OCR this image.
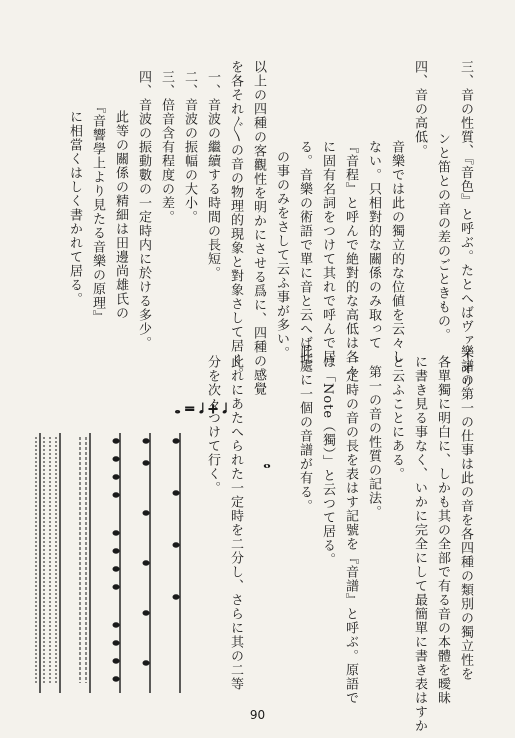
三、音の性質、『音色』と呼ぶ。たとへばヴァイオリ

ンと笛との音の差のごときもの。

四、音の高低。

音樂では此の獨立的な位値を云々し

ない。只相對的な關係のみ取って

『音程』と呼んで絶對的な高低は各々

に固有名詞をつけて其れで呼んで居

る。音樂の術語で單に音と云へば此

の事のみをさして云ふ事が多い。

以上の四種の客觀性を明かにさせる爲に、四種の感覺

を各それ〴〵の音の物理的現象と對象さして居く。

一、音波の繼續する時間の長短。

二、音波の振幅の大小。

三、倍音含有程度の差。

四、音波の振動數の一定時内に於ける多少。

此等の關係の精細は田邊尚雄氏の

『音響學上より見たる音樂の原理』

に相當くはしく書かれて居る。

樂譜の第一の仕事は此の音を各四種の類別の獨立性を

各單獨に明白に、しかも其の全部で有る音の本體を曖昧

に書き見る事なく、いかに完全にして最簡單に書き表はすか

と云ふことにある。

第一の音の性質の記法。

一定時の音の長を表はす記號を『音譜』と呼ぶ。原語で

は「Note（獨）」と云つて居る。

此處に一個の音譜が有る。

𝅝

此れにあたへられた一定時を二分し、さらに其の二等

分を次々つけて行く。

𝅝 = 𝅗𝅥 + 𝅗𝅥
90
